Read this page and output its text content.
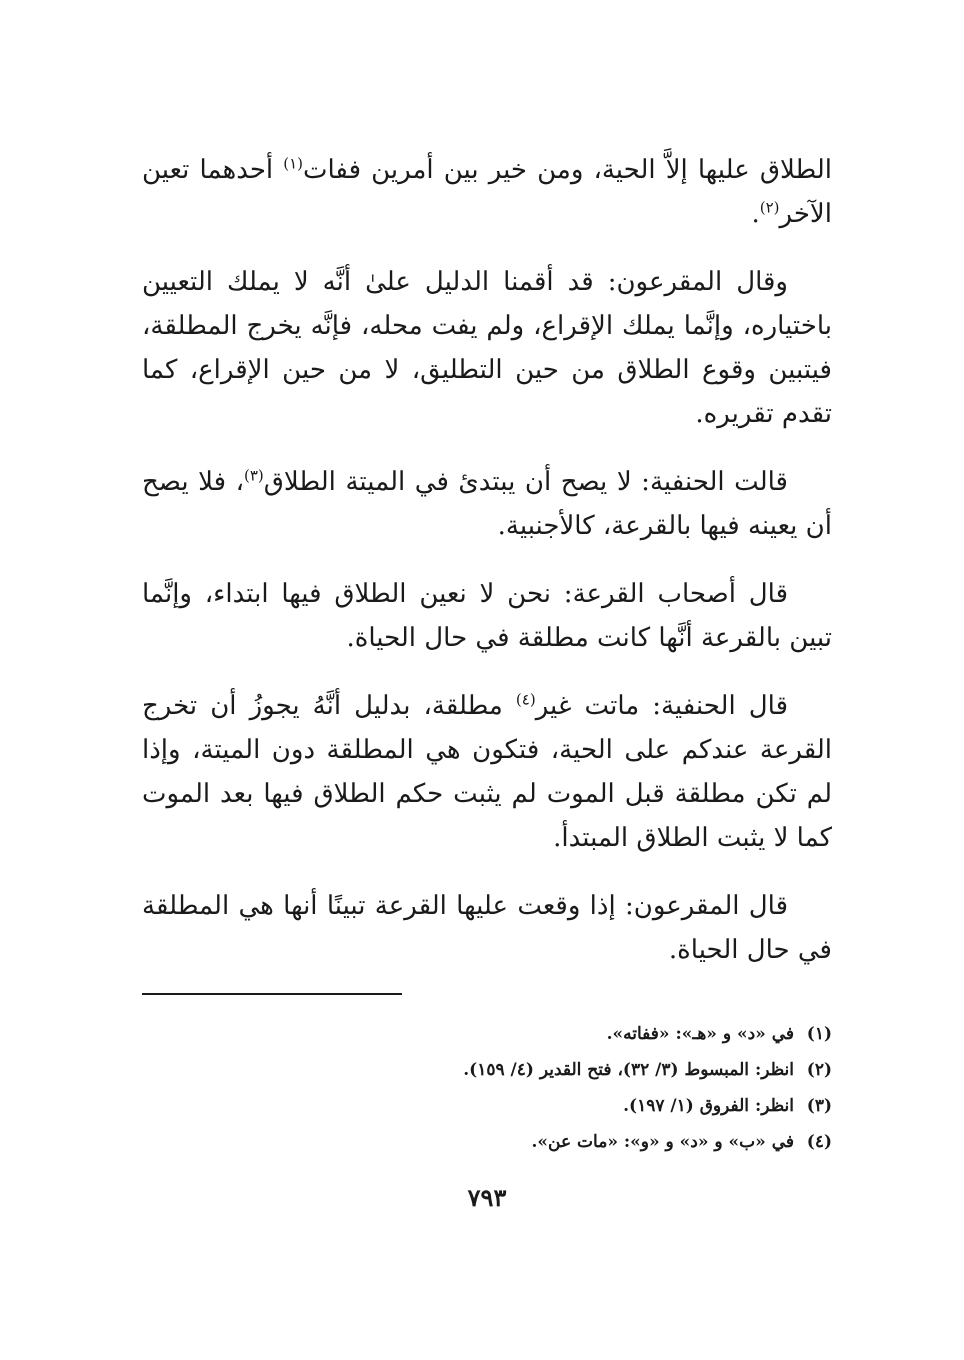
الطلاق عليها إلاَّ الحية، ومن خير بين أمرين ففات$^{(١)}$ أحدهما تعين الآخر$^{(٢)}$.

وقال المقرعون: قد أقمنا الدليل علىٰ أنَّه لا يملك التعيين باختياره، وإنَّما يملك الإقراع، ولم يفت محله، فإنَّه يخرج المطلقة، فيتبين وقوع الطلاق من حين التطليق، لا من حين الإقراع، كما تقدم تقريره.

قالت الحنفية: لا يصح أن يبتدئ في الميتة الطلاق$^{(٣)}$، فلا يصح أن يعينه فيها بالقرعة، كالأجنبية.

قال أصحاب القرعة: نحن لا نعين الطلاق فيها ابتداء، وإنَّما تبين بالقرعة أنَّها كانت مطلقة في حال الحياة.

قال الحنفية: ماتت غير$^{(٤)}$ مطلقة، بدليل أنَّهُ يجوزُ أن تخرج القرعة عندكم على الحية، فتكون هي المطلقة دون الميتة، وإذا لم تكن مطلقة قبل الموت لم يثبت حكم الطلاق فيها بعد الموت كما لا يثبت الطلاق المبتدأ.

قال المقرعون: إذا وقعت عليها القرعة تبينًا أنها هي المطلقة في حال الحياة.

(١)في «د» و «هـ»: «ففاته».
(٢)انظر: المبسوط (٣/ ٣٢)، فتح القدير (٤/ ١٥٩).
(٣)انظر: الفروق (١/ ١٩٧).
(٤)في «ب» و «د» و «و»: «مات عن».
٧٩٣
